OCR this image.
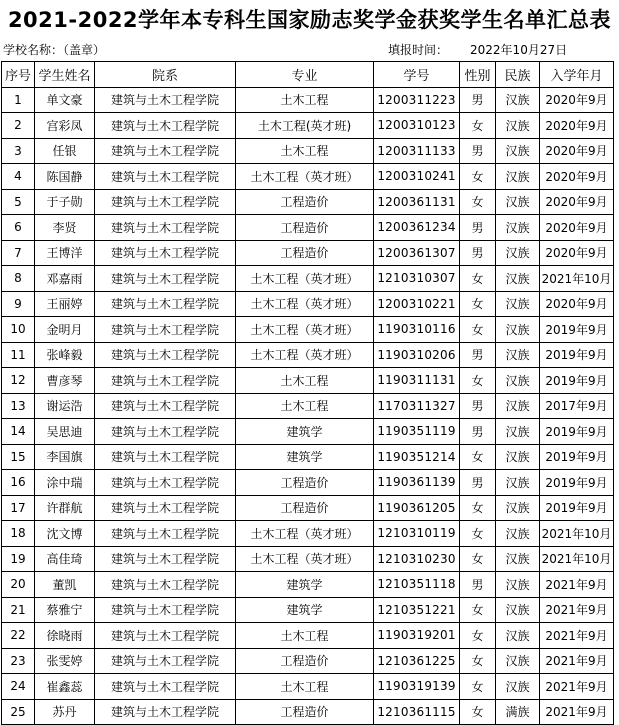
2021-2022学年本专科生国家励志奖学金获奖学生名单汇总表
学校名称：（盖章）	填报时间： 2022年10月27日
序号	学生姓名	院系	专业	学号	性别	民族	入学年月
1	单文豪	建筑与土木工程学院	土木工程	1200311223	男	汉族	2020年9月
2	宫彩凤	建筑与土木工程学院	土木工程(英才班)	1200310123	女	汉族	2020年9月
3	任银	建筑与土木工程学院	土木工程	1200311133	男	汉族	2020年9月
4	陈国静	建筑与土木工程学院	土木工程（英才班）	1200310241	女	汉族	2020年9月
5	于子勋	建筑与土木工程学院	工程造价	1200361131	女	汉族	2020年9月
6	李贤	建筑与土木工程学院	工程造价	1200361234	男	汉族	2020年9月
7	王博洋	建筑与土木工程学院	工程造价	1200361307	男	汉族	2020年9月
8	邓嘉雨	建筑与土木工程学院	土木工程（英才班）	1210310307	女	汉族	2021年10月
9	王丽婷	建筑与土木工程学院	土木工程（英才班）	1200310221	女	汉族	2020年9月
10	金明月	建筑与土木工程学院	土木工程（英才班）	1190310116	女	汉族	2019年9月
11	张峰毅	建筑与土木工程学院	土木工程（英才班）	1190310206	男	汉族	2019年9月
12	曹彦琴	建筑与土木工程学院	土木工程	1190311131	女	汉族	2019年9月
13	谢运浩	建筑与土木工程学院	土木工程	1170311327	男	汉族	2017年9月
14	吴思迪	建筑与土木工程学院	建筑学	1190351119	男	汉族	2019年9月
15	李国旗	建筑与土木工程学院	建筑学	1190351214	女	汉族	2019年9月
16	涂中瑞	建筑与土木工程学院	工程造价	1190361139	男	汉族	2019年9月
17	许群航	建筑与土木工程学院	工程造价	1190361205	女	汉族	2019年9月
18	沈文博	建筑与土木工程学院	土木工程（英才班）	1210310119	女	汉族	2021年10月
19	高佳琦	建筑与土木工程学院	土木工程（英才班）	1210310230	女	汉族	2021年10月
20	董凯	建筑与土木工程学院	建筑学	1210351118	男	汉族	2021年9月
21	蔡雅宁	建筑与土木工程学院	建筑学	1210351221	女	汉族	2021年9月
22	徐晓雨	建筑与土木工程学院	土木工程	1190319201	女	汉族	2021年9月
23	张雯婷	建筑与土木工程学院	工程造价	1210361225	女	汉族	2021年9月
24	崔鑫蕊	建筑与土木工程学院	土木工程	1190319139	女	汉族	2021年9月
25	苏丹	建筑与土木工程学院	工程造价	1210361115	女	满族	2021年9月
